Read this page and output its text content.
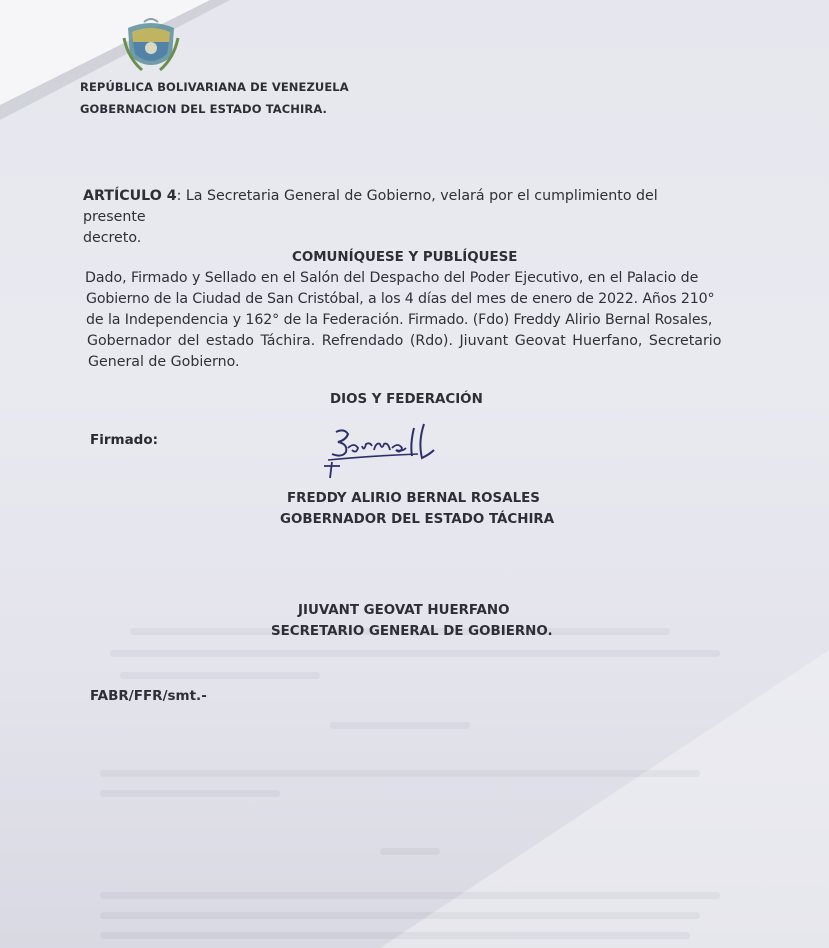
REPÚBLICA BOLIVARIANA DE VENEZUELA
GOBERNACION DEL ESTADO TACHIRA.
ARTÍCULO 4: La Secretaria General de Gobierno, velará por el cumplimiento del presente
decreto.
COMUNÍQUESE Y PUBLÍQUESE
Dado, Firmado y Sellado en el Salón del Despacho del Poder Ejecutivo, en el Palacio de
Gobierno de la Ciudad de San Cristóbal, a los 4 días del mes de enero de 2022. Años 210°
de la Independencia y 162° de la Federación. Firmado. (Fdo) Freddy Alirio Bernal Rosales,
Gobernador del estado Táchira. Refrendado (Rdo). Jiuvant Geovat Huerfano, Secretario
General de Gobierno.
DIOS Y FEDERACIÓN
Firmado:
FREDDY ALIRIO BERNAL ROSALES
GOBERNADOR DEL ESTADO TÁCHIRA
JIUVANT GEOVAT HUERFANO
SECRETARIO GENERAL DE GOBIERNO.
FABR/FFR/smt.-
